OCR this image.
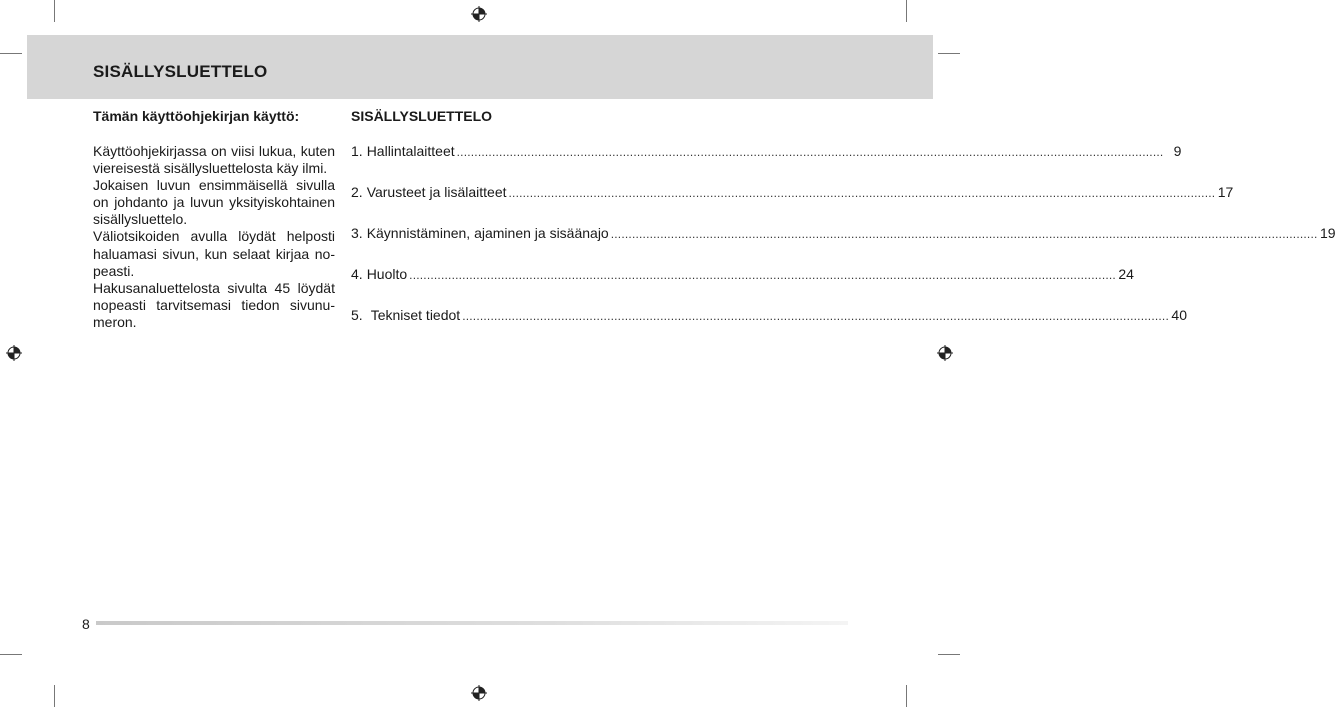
SISÄLLYSLUETTELO
Tämän käyttöohjekirjan käyttö:

Käyttöohjekirjassa on viisi lukua, kuten viereisestä sisällysluettelosta käy ilmi.
Jokaisen luvun ensimmäisellä sivulla on johdanto ja luvun yksityiskohtainen sisällysluettelo.
Väliotsikoiden avulla löydät helposti haluamasi sivun, kun selaat kirjaa nopeasti.
Hakusanaluettelosta sivulta 45 löydät nopeasti tarvitsemasi tiedon sivunumeron.

SISÄLLYSLUETTELO
1. Hallintalaitteet ........................................................................................................................................................................................................ 9
2. Varusteet ja lisälaitteet ........................................................................................................................................................................................................ 17
3. Käynnistäminen, ajaminen ja sisäänajo ........................................................................................................................................................................................................ 19
4. Huolto ........................................................................................................................................................................................................ 24
5. Tekniset tiedot ........................................................................................................................................................................................................ 40
8
